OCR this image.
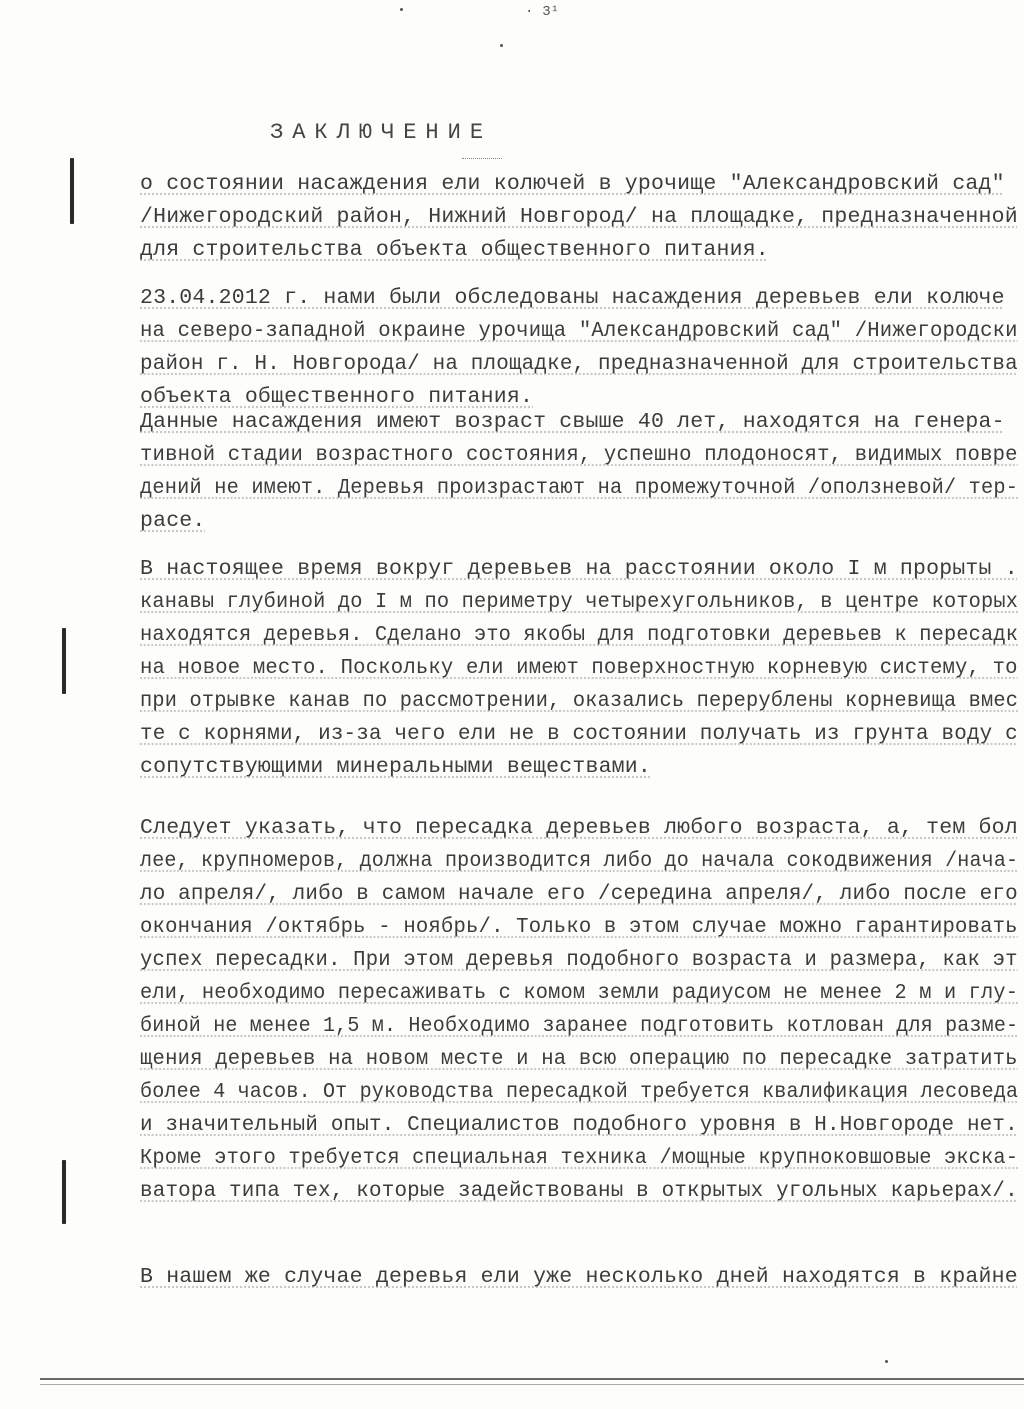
· 3¹
ЗАКЛЮЧЕНИЕ
о состоянии насаждения ели колючей в урочище "Александровский сад"
/Нижегородский район, Нижний Новгород/ на площадке, предназначенной
для строительства объекта общественного питания.
23.04.2012 г. нами были обследованы насаждения деревьев ели колюче
на северо-западной окраине урочища "Александровский сад" /Нижегородски
район г. Н. Новгорода/ на площадке, предназначенной для строительства
объекта общественного питания.
Данные насаждения имеют возраст свыше 40 лет, находятся на генера-
тивной стадии возрастного состояния, успешно плодоносят, видимых повре
дений не имеют. Деревья произрастают на промежуточной /оползневой/ тер-
расе.
В настоящее время вокруг деревьев на расстоянии около I м прорыты .
канавы глубиной до I м по периметру четырехугольников, в центре которых
находятся деревья. Сделано это якобы для подготовки деревьев к пересадк
на новое место. Поскольку ели имеют поверхностную корневую систему, то
при отрывке канав по рассмотрении, оказались перерублены корневища вмес
те с корнями, из-за чего ели не в состоянии получать из грунта воду с
сопутствующими минеральными веществами.
Следует указать, что пересадка деревьев любого возраста, а, тем бол
лее, крупномеров, должна производится либо до начала сокодвижения /нача-
ло апреля/, либо в самом начале его /середина апреля/, либо после его
окончания /октябрь - ноябрь/. Только в этом случае можно гарантировать
успех пересадки. При этом деревья подобного возраста и размера, как эт
ели, необходимо пересаживать с комом земли радиусом не менее 2 м и глу-
биной не менее 1,5 м. Необходимо заранее подготовить котлован для разме-
щения деревьев на новом месте и на всю операцию по пересадке затратить
более 4 часов. От руководства пересадкой требуется квалификация лесоведа
и значительный опыт. Специалистов подобного уровня в Н.Новгороде нет.
Кроме этого требуется специальная техника /мощные крупноковшовые экска-
ватора типа тех, которые задействованы в открытых угольных карьерах/.
В нашем же случае деревья ели уже несколько дней находятся в крайне
